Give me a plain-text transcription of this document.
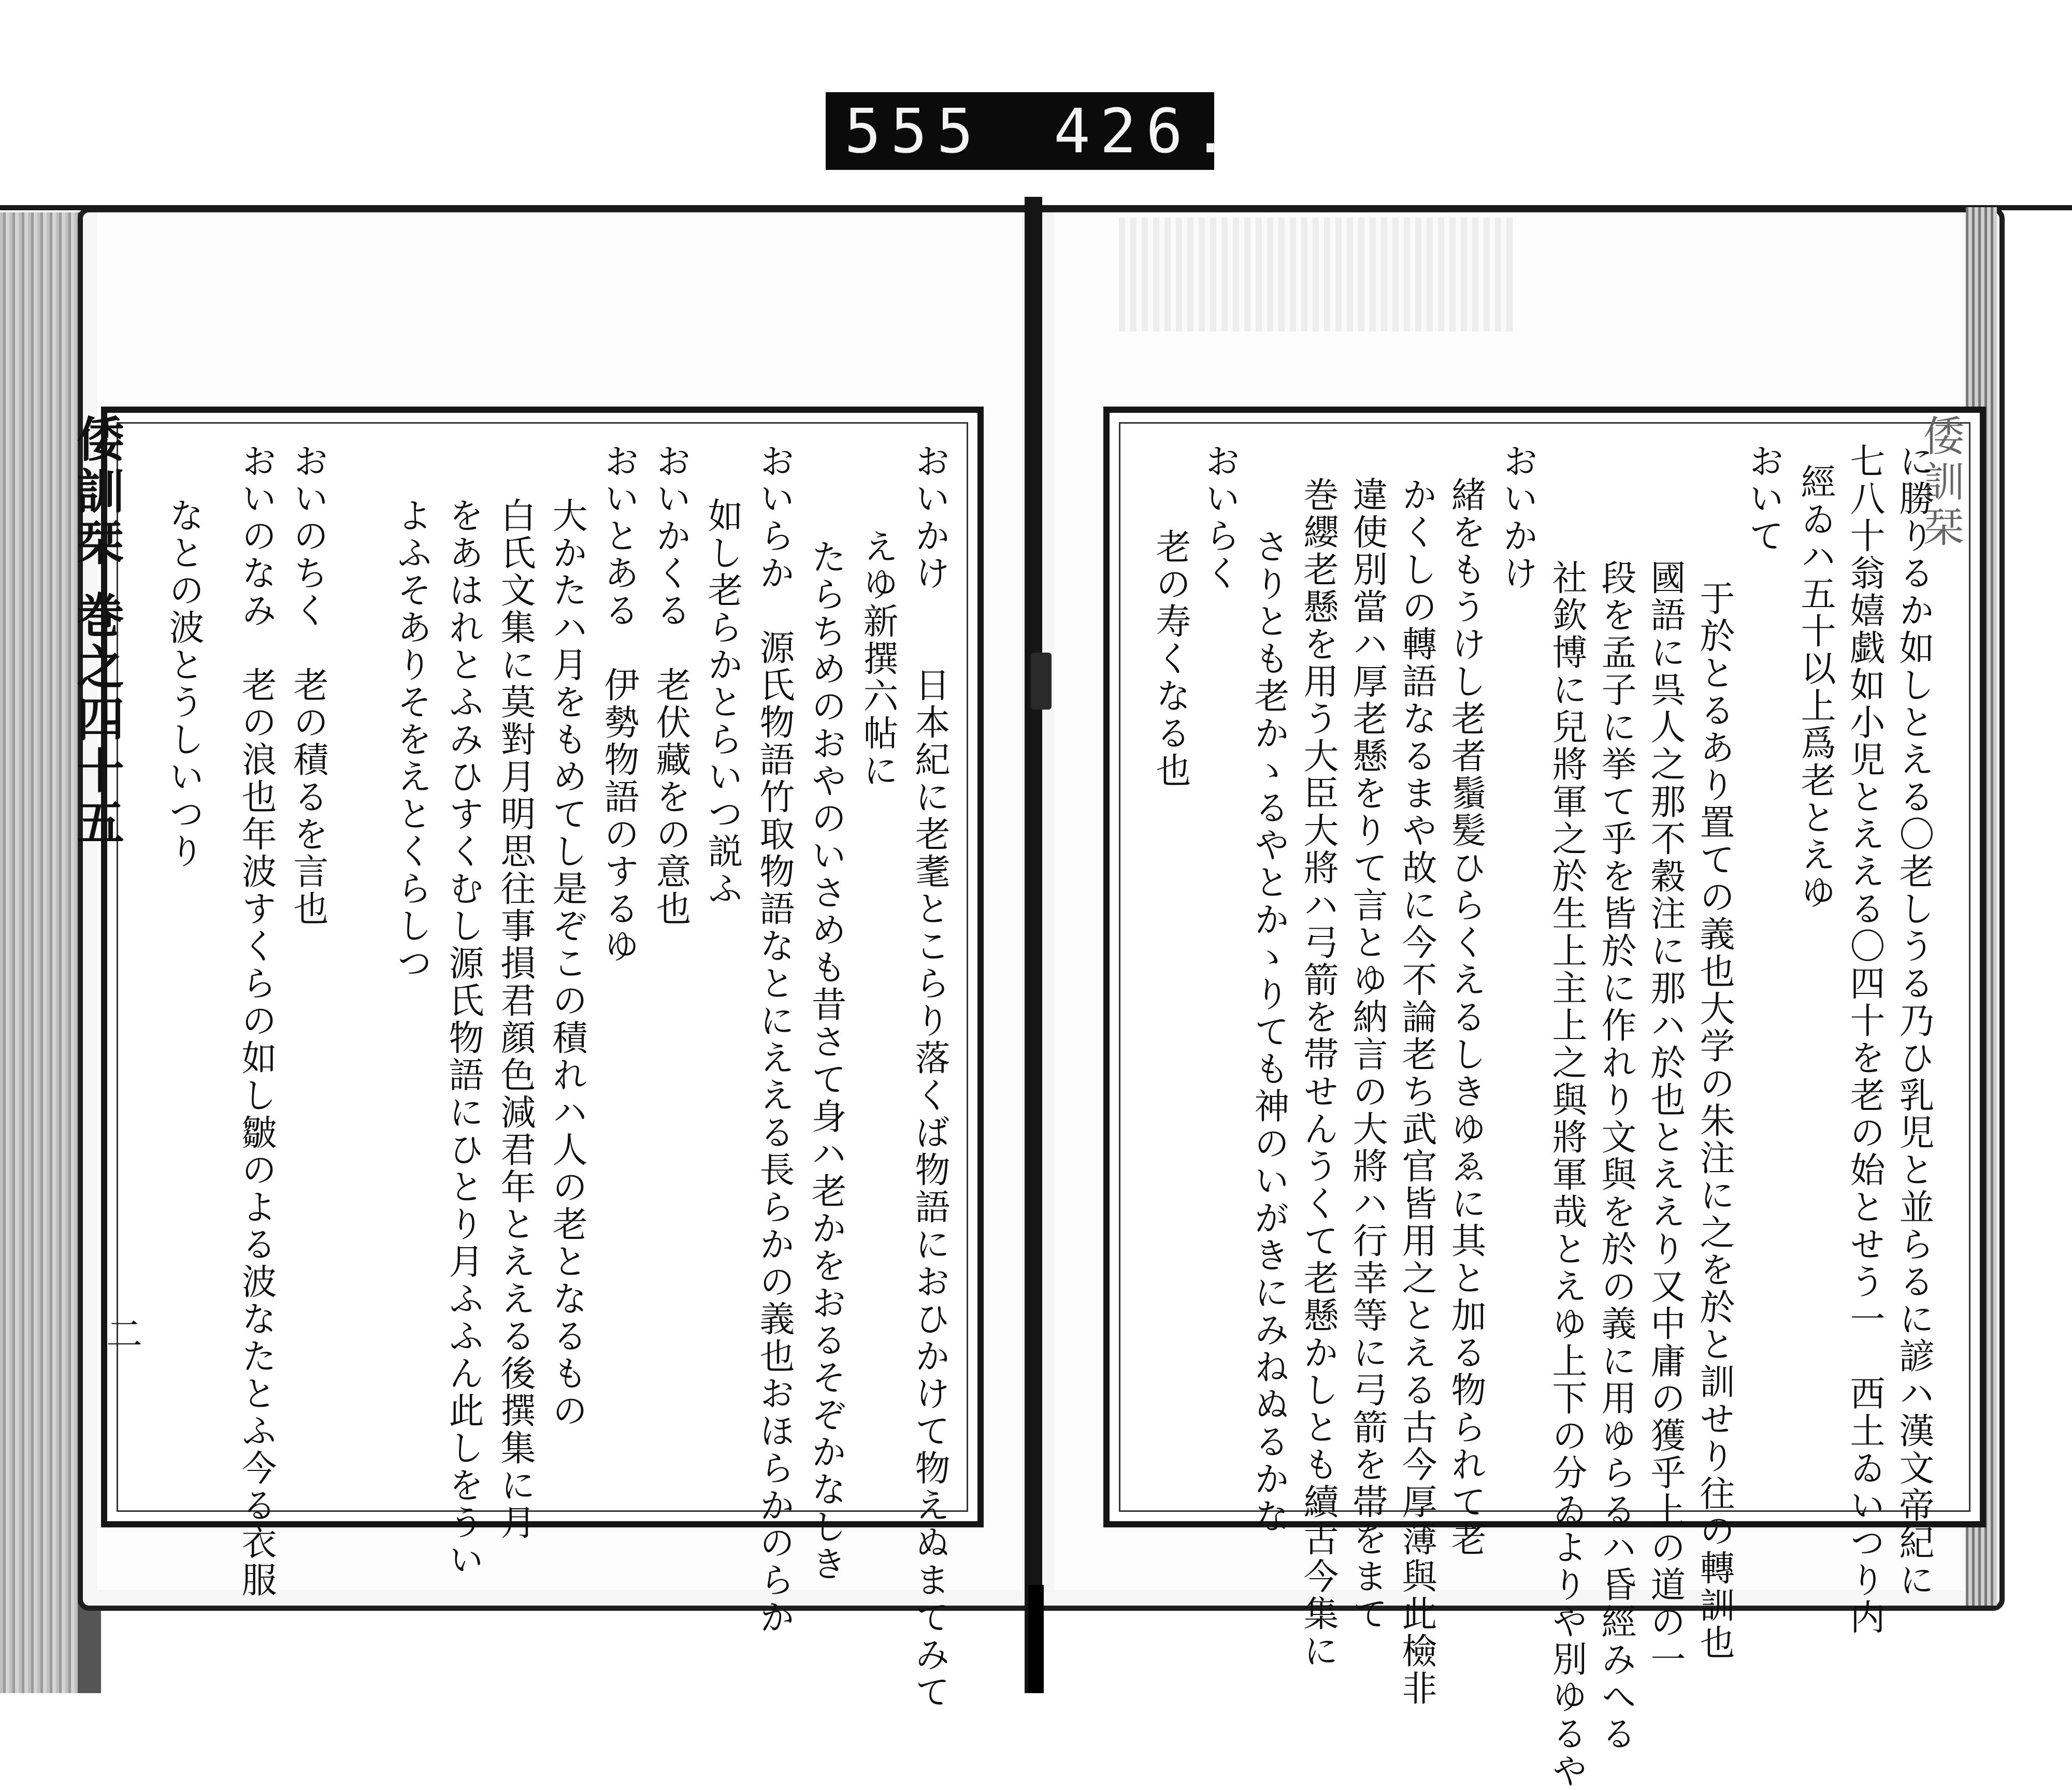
555 426.
二
倭訓栞
に勝りるか如しとえる〇老しうる乃ひ乳児と並らるに諺ハ漢文帝紀に
七八十翁嬉戯如小児とええる〇四十を老の始とせう一　西土ゐいつり内
經ゐハ五十以上爲老とえゆ
おいて
于於とるあり置ての義也大学の朱注に之を於と訓せり往の轉訓也
國語に呉人之那不穀注に那ハ於也とええり又中庸の獲乎上の道の一
段を孟子に挙て乎を皆於に作れり文與を於の義に用ゆらるハ昏經みへる
社欽博に兒將軍之於生上主上之與將軍哉とえゆ上下の分ゐよりや別ゆるや
おいかけ
緒をもうけし老者鬚髪ひらくえるしきゆゑに其と加る物られて老
かくしの轉語なるまや故に今不論老ち武官皆用之とえる古今厚薄與此檢非
違使別當ハ厚老懸をりて言とゆ納言の大將ハ行幸等に弓箭を帯をまて
巻纓老懸を用う大臣大將ハ弓箭を帯せんうくて老懸かしとも續古今集に
さりとも老かゝるやとかゝりても神のいがきにみねぬるかな
おいらく
老の寿くなる也
おいかけ　　日本紀に老耄とこらり落くば物語におひかけて物えぬまてみて
えゆ新撰六帖に
たらちめのおやのいさめも昔さて身ハ老かをおるそぞかなしき
おいらか　源氏物語竹取物語なとにええる長らかの義也おほらかのらか
如し老らかとらいつ説ふ
おいかくる　老伏藏をの意也
おいとある　伊勢物語のするゆ
大かたハ月をもめてし是ぞこの積れハ人の老となるもの
白氏文集に莫對月明思往事損君顔色減君年とええる後撰集に月
をあはれとふみひすくむし源氏物語にひとり月ふふん此しをうい
よふそありそをえとくらしつ
おいのちく　老の積るを言也
おいのなみ　老の浪也年波すくらの如し皺のよる波なたとふ今る衣服
なとの波とうしいつり
